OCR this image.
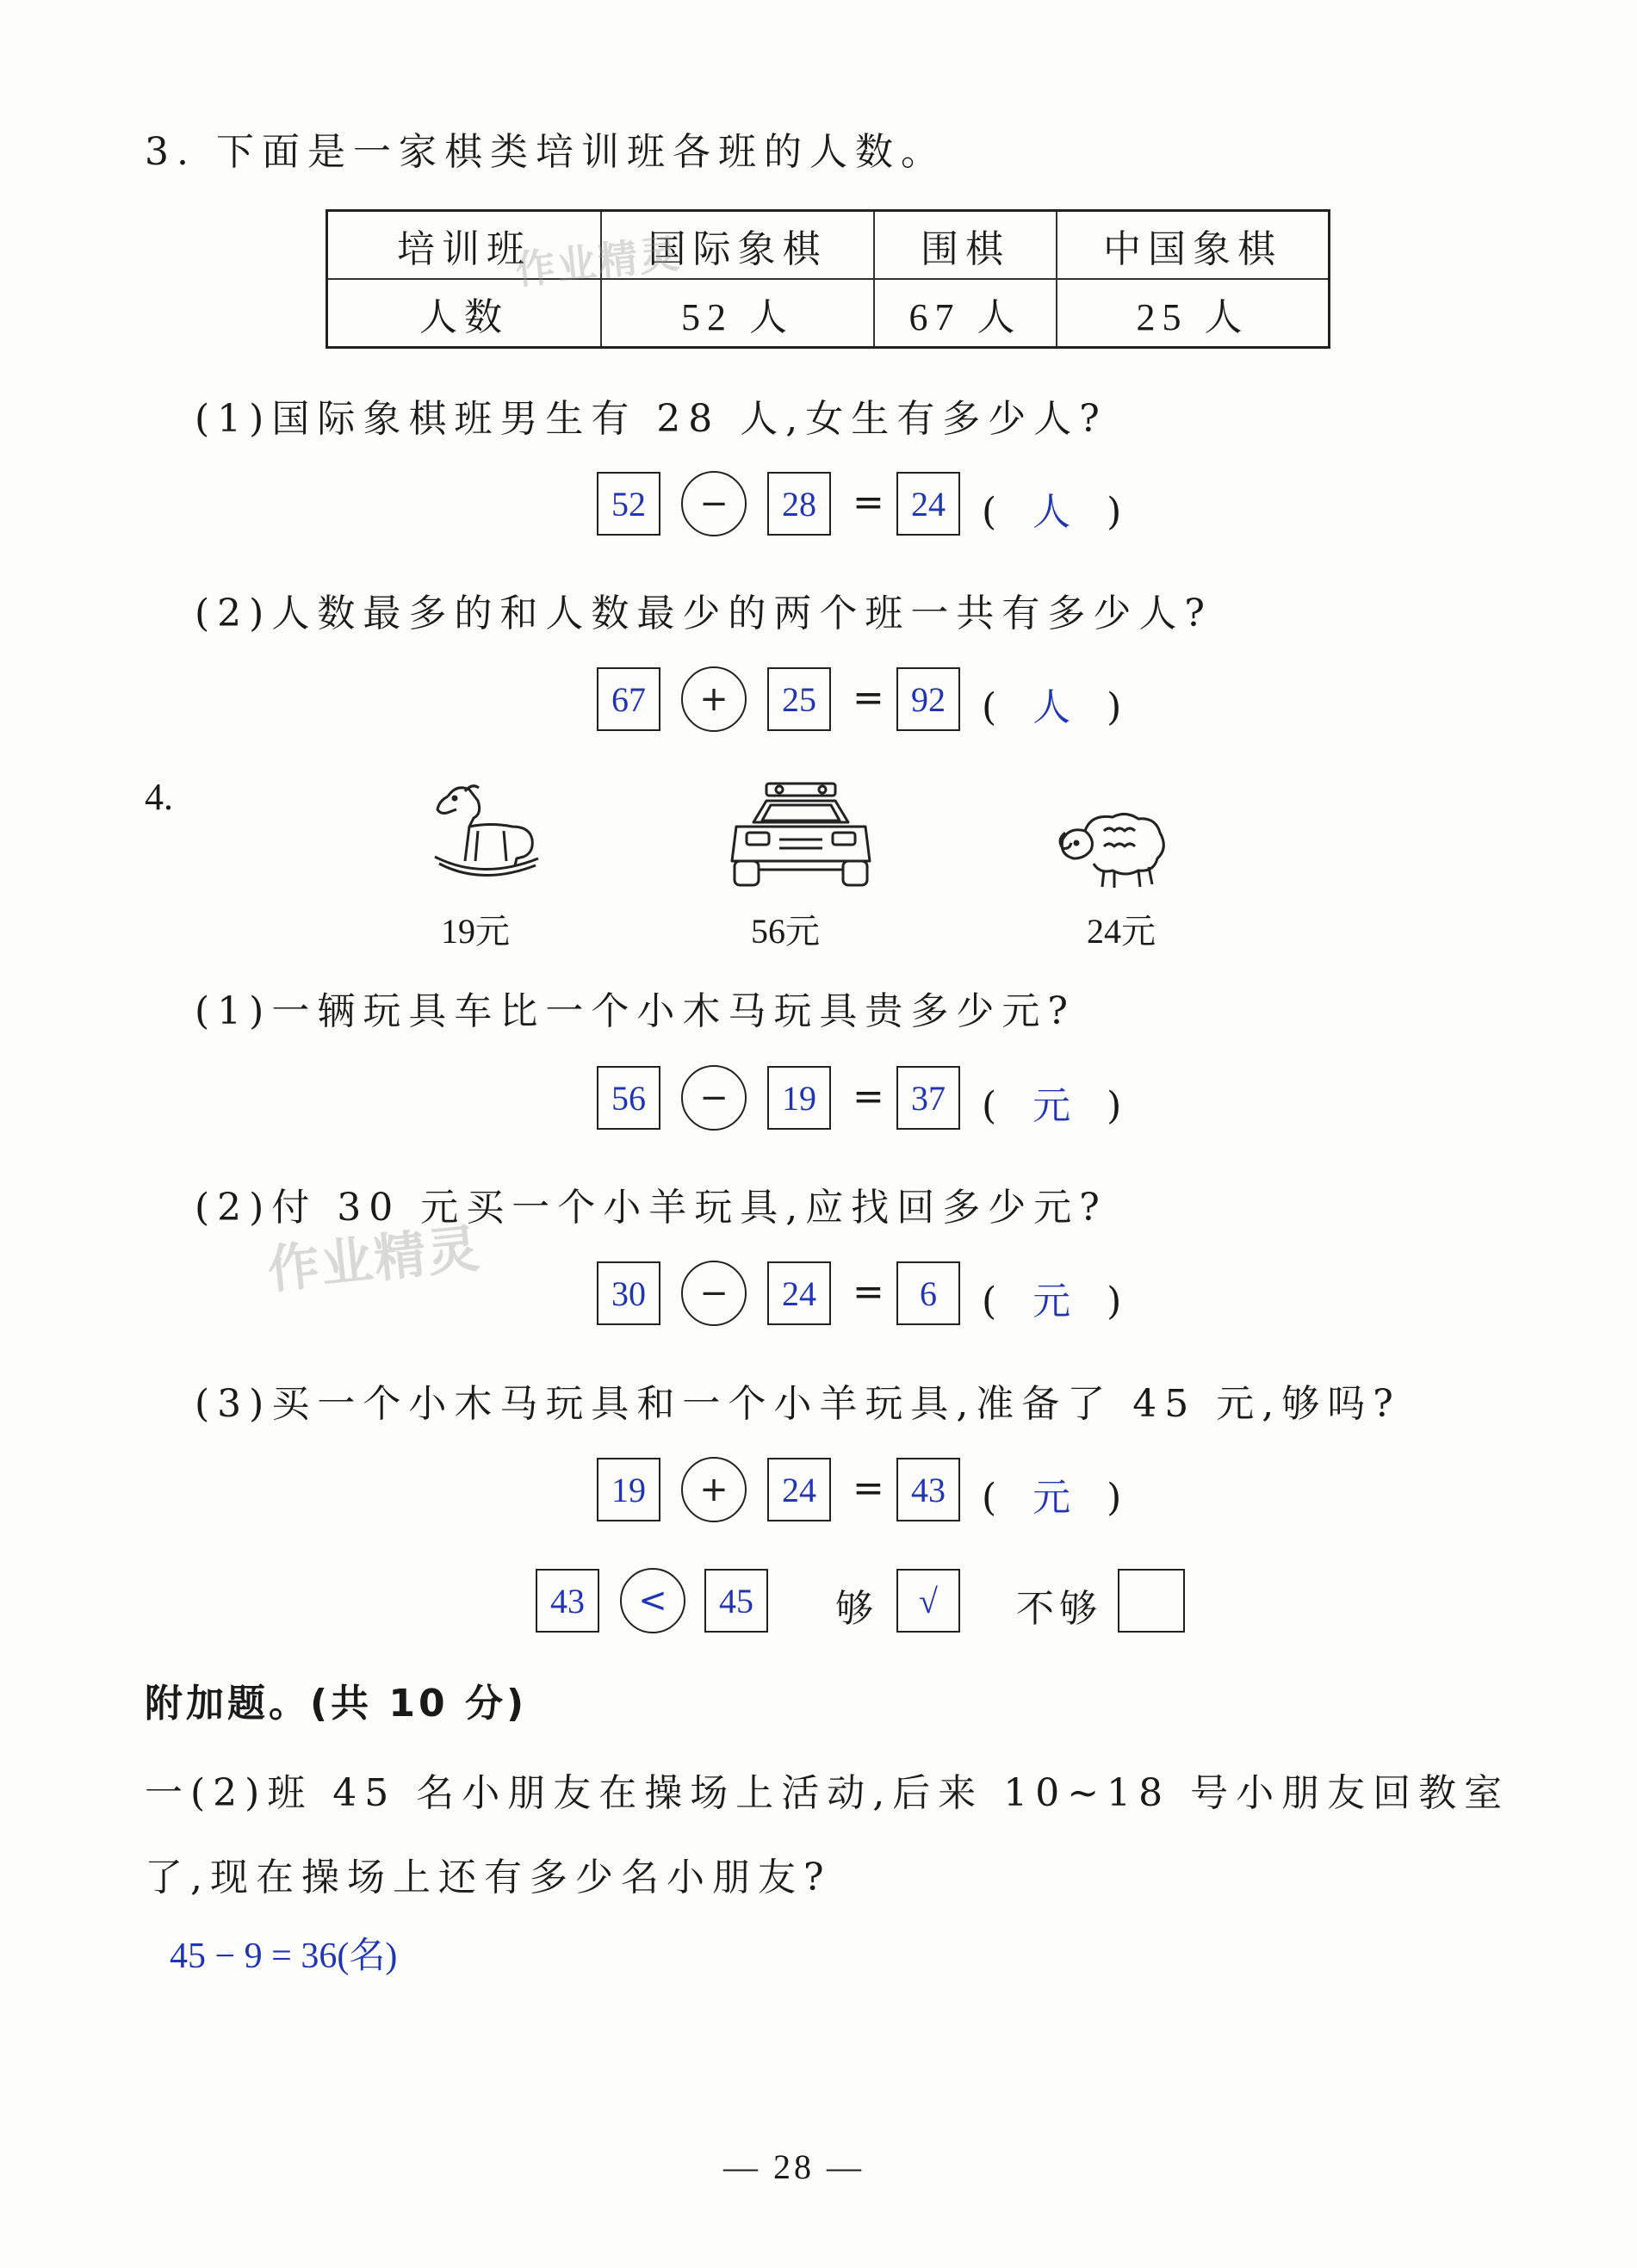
3. 下面是一家棋类培训班各班的人数。
培训班	国际象棋	围棋	中国象棋
人数	52 人	67 人	25 人
(1)国际象棋班男生有 28 人,女生有多少人?
52	−	28 = 24 (   人   )
(2)人数最多的和人数最少的两个班一共有多少人?
67	+	25 = 92 (   人   )
4.
19元	56元	24元
(1)一辆玩具车比一个小木马玩具贵多少元?
56	−	19 = 37 (   元   )
(2)付 30 元买一个小羊玩具,应找回多少元?
30	−	24 =	6	(   元   )
(3)买一个小木马玩具和一个小羊玩具,准备了 45 元,够吗?
19	+	24 = 43 (   元   )
43	<	45	够	√	不够
附加题。(共 10 分)
一(2)班 45 名小朋友在操场上活动,后来 10~18 号小朋友回教室
了,现在操场上还有多少名小朋友?
45 − 9 = 36(名)
作业精灵
作业精灵
— 28 —
